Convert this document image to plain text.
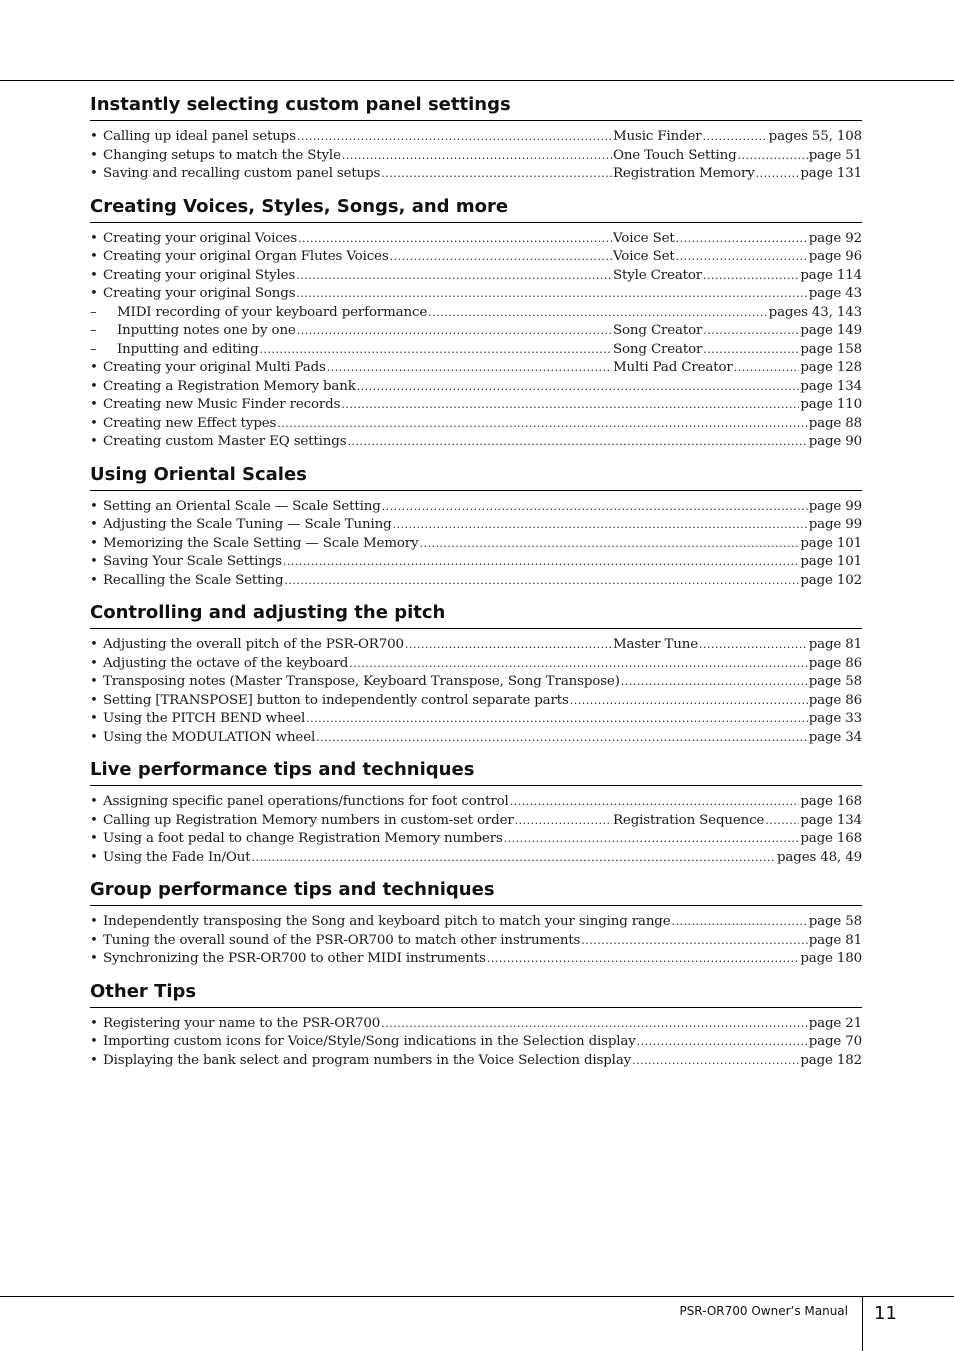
Instantly selecting custom panel settings
• Calling up ideal panel setups .....	Music Finder .....	pages 55, 108
• Changing setups to match the Style .....	One Touch Setting .....	page 51
• Saving and recalling custom panel setups .....	Registration Memory .....	page 131
Creating Voices, Styles, Songs, and more
• Creating your original Voices .....	Voice Set .....	page 92
• Creating your original Organ Flutes Voices .....	Voice Set .....	page 96
• Creating your original Styles .....	Style Creator .....	page 114
• Creating your original Songs .....	page 43
–	MIDI recording of your keyboard performance .....	pages 43, 143
–	Inputting notes one by one .....	Song Creator .....	page 149
–	Inputting and editing .....	Song Creator .....	page 158
• Creating your original Multi Pads .....	Multi Pad Creator .....	page 128
• Creating a Registration Memory bank .....	page 134
• Creating new Music Finder records .....	page 110
• Creating new Effect types .....	page 88
• Creating custom Master EQ settings .....	page 90
Using Oriental Scales
• Setting an Oriental Scale — Scale Setting .....	page 99
• Adjusting the Scale Tuning — Scale Tuning .....	page 99
• Memorizing the Scale Setting — Scale Memory .....	page 101
• Saving Your Scale Settings .....	page 101
• Recalling the Scale Setting .....	page 102
Controlling and adjusting the pitch
• Adjusting the overall pitch of the PSR-OR700 .....	Master Tune .....	page 81
• Adjusting the octave of the keyboard .....	page 86
• Transposing notes (Master Transpose, Keyboard Transpose, Song Transpose) .....	page 58
• Setting [TRANSPOSE] button to independently control separate parts .....	page 86
• Using the PITCH BEND wheel .....	page 33
• Using the MODULATION wheel .....	page 34
Live performance tips and techniques
• Assigning specific panel operations/functions for foot control .....	page 168
• Calling up Registration Memory numbers in custom-set order .....	Registration Sequence .....	page 134
• Using a foot pedal to change Registration Memory numbers .....	page 168
• Using the Fade In/Out .....	pages 48, 49
Group performance tips and techniques
• Independently transposing the Song and keyboard pitch to match your singing range .....	page 58
• Tuning the overall sound of the PSR-OR700 to match other instruments .....	page 81
• Synchronizing the PSR-OR700 to other MIDI instruments .....	page 180
Other Tips
• Registering your name to the PSR-OR700 .....	page 21
• Importing custom icons for Voice/Style/Song indications in the Selection display .....	page 70
• Displaying the bank select and program numbers in the Voice Selection display .....	page 182
PSR-OR700 Owner’s Manual 11
